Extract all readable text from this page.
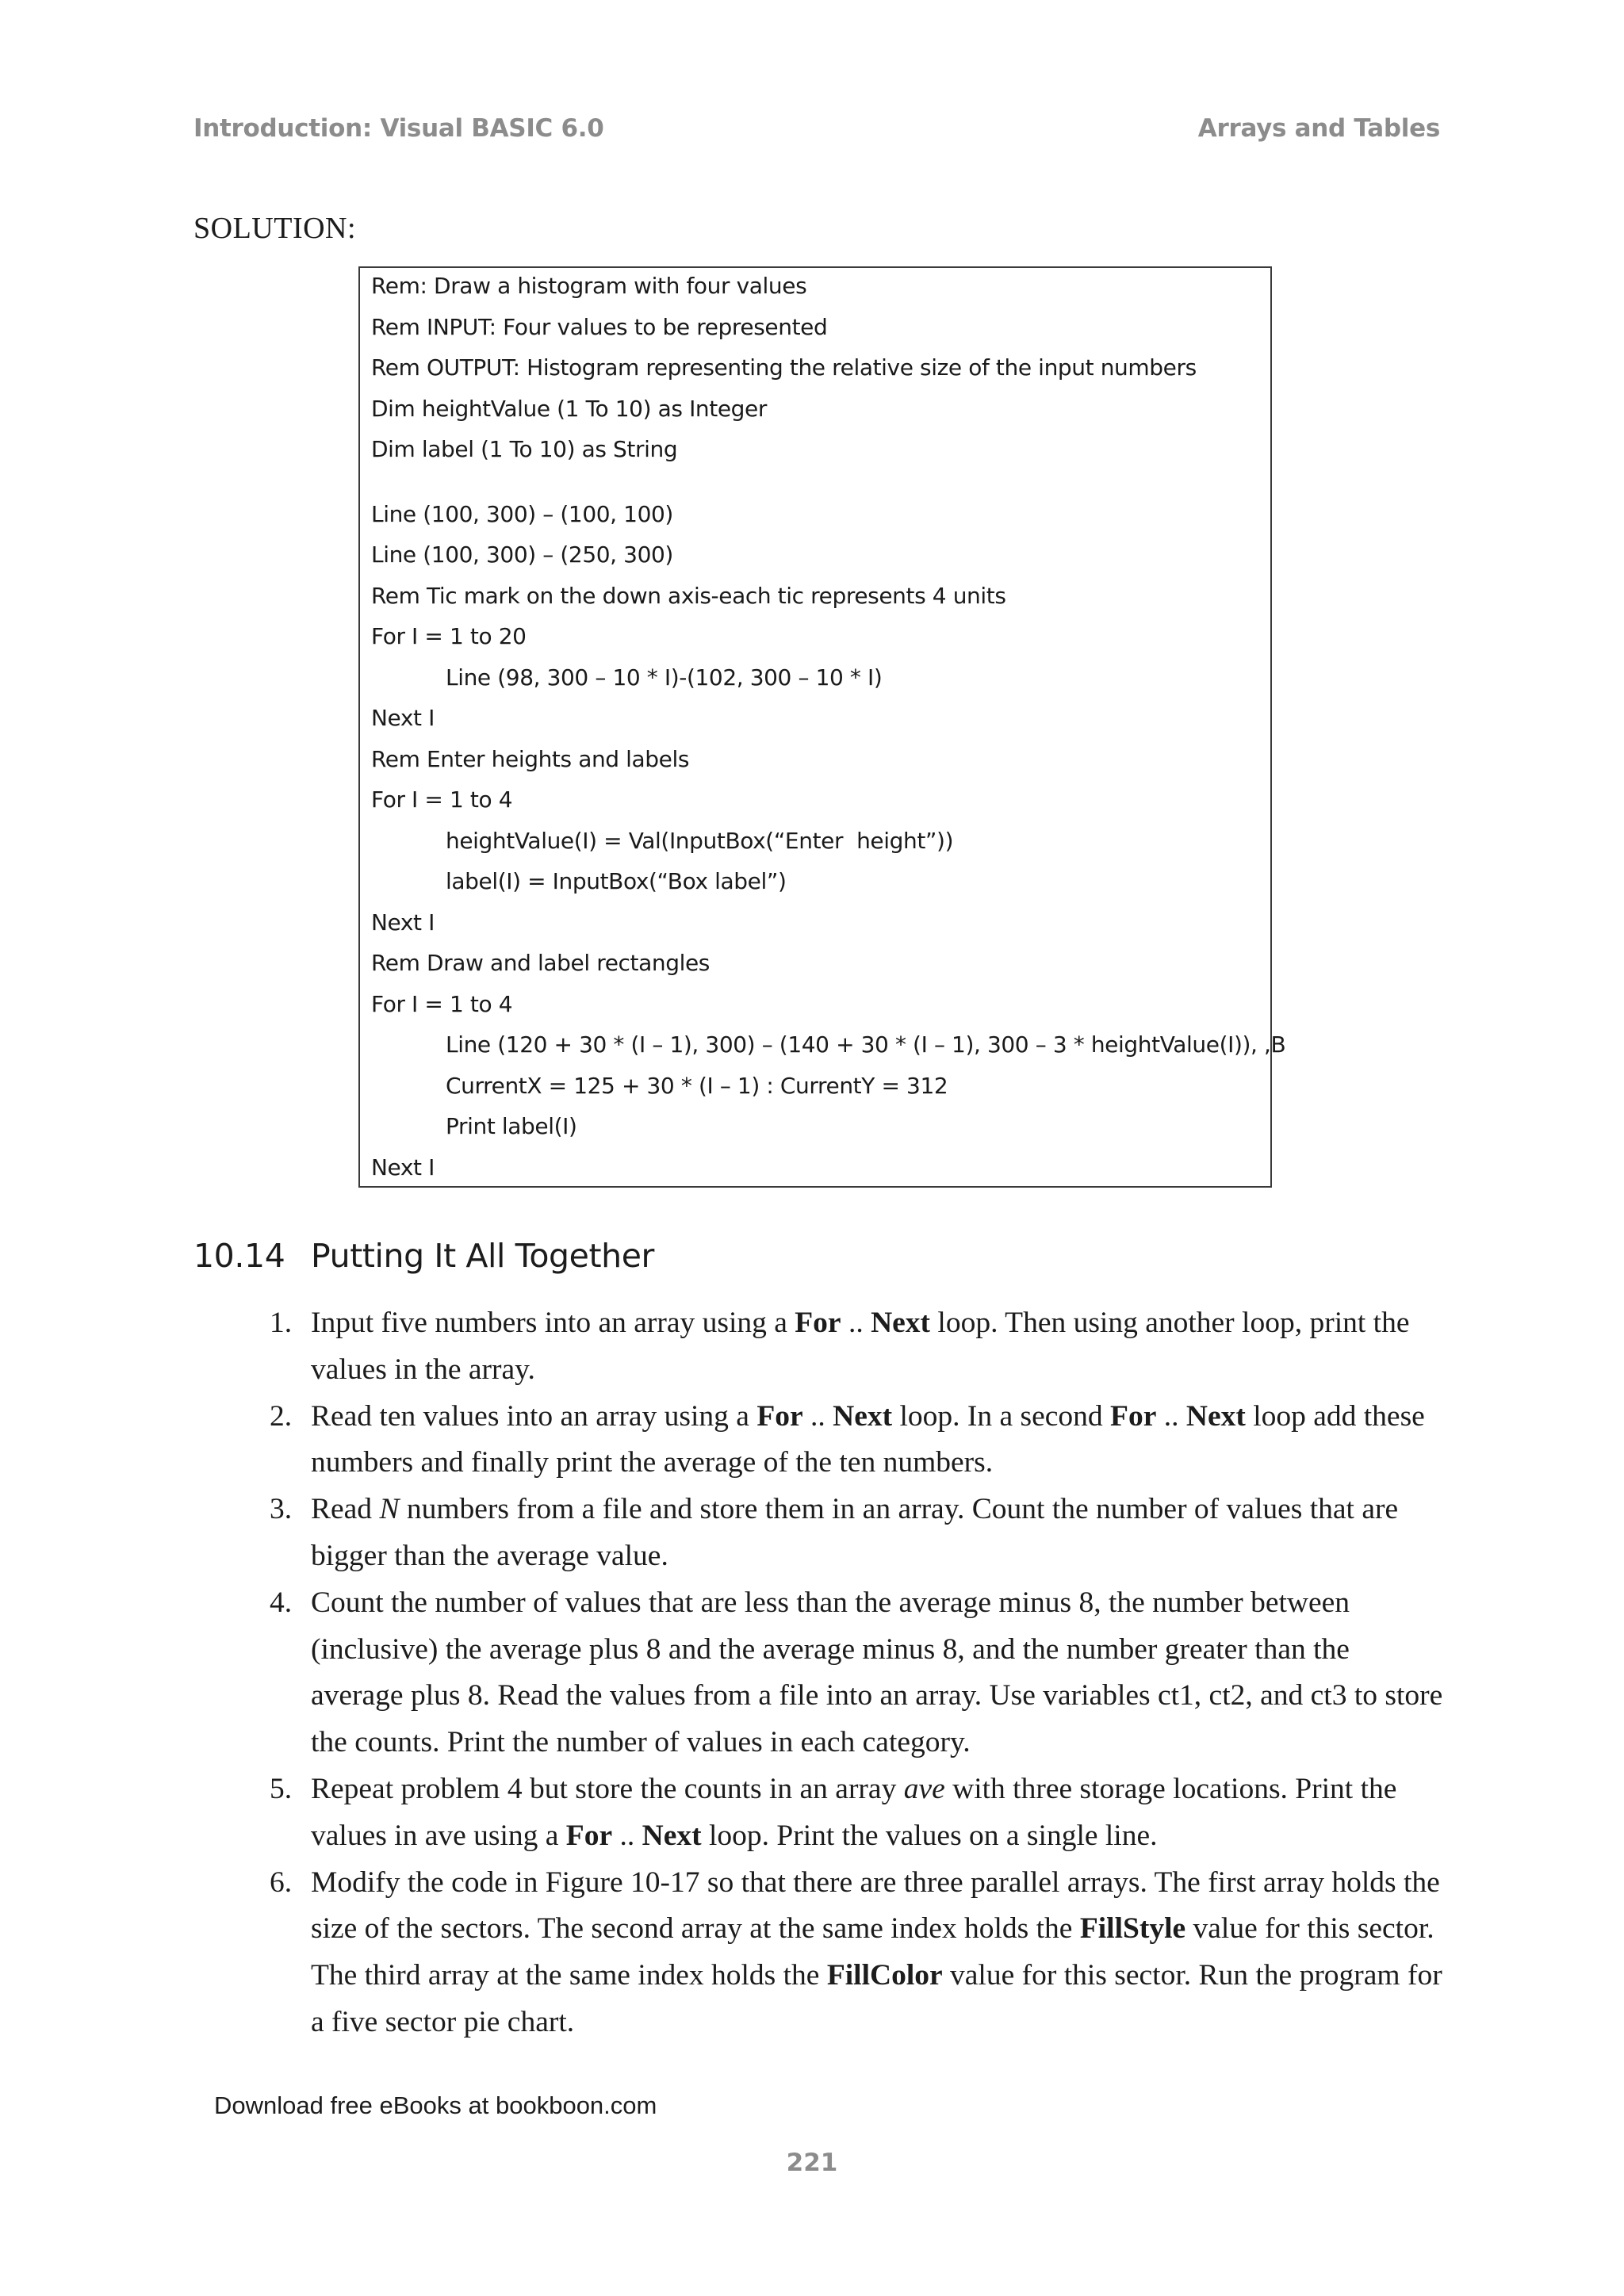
Introduction: Visual BASIC 6.0	Arrays and Tables
SOLUTION:
Rem: Draw a histogram with four values
Rem INPUT: Four values to be represented
Rem OUTPUT: Histogram representing the relative size of the input numbers
Dim heightValue (1 To 10) as Integer
Dim label (1 To 10) as String
Line (100, 300) – (100, 100)
Line (100, 300) – (250, 300)
Rem Tic mark on the down axis-each tic represents 4 units
For I = 1 to 20
Line (98, 300 – 10 * I)-(102, 300 – 10 * I)
Next I
Rem Enter heights and labels
For I = 1 to 4
heightValue(I) = Val(InputBox(“Enter  height”))
label(I) = InputBox(“Box label”)
Next I
Rem Draw and label rectangles
For I = 1 to 4
Line (120 + 30 * (I – 1), 300) – (140 + 30 * (I – 1), 300 – 3 * heightValue(I)), ,B
CurrentX = 125 + 30 * (I – 1) : CurrentY = 312
Print label(I)
Next I
10.14 Putting It All Together
1. Input five numbers into an array using a For .. Next loop. Then using another loop, print the values in the array.
2. Read ten values into an array using a For .. Next loop. In a second For .. Next loop add these numbers and finally print the average of the ten numbers.
3. Read N numbers from a file and store them in an array. Count the number of values that are bigger than the average value.
4. Count the number of values that are less than the average minus 8, the number between (inclusive) the average plus 8 and the average minus 8, and the number greater than the average plus 8. Read the values from a file into an array. Use variables ct1, ct2, and ct3 to store the counts. Print the number of values in each category.
5. Repeat problem 4 but store the counts in an array ave with three storage locations. Print the values in ave using a For .. Next loop. Print the values on a single line.
6. Modify the code in Figure 10-17 so that there are three parallel arrays. The first array holds the size of the sectors. The second array at the same index holds the FillStyle value for this sector. The third array at the same index holds the FillColor value for this sector. Run the program for a five sector pie chart.
Download free eBooks at bookboon.com
221
